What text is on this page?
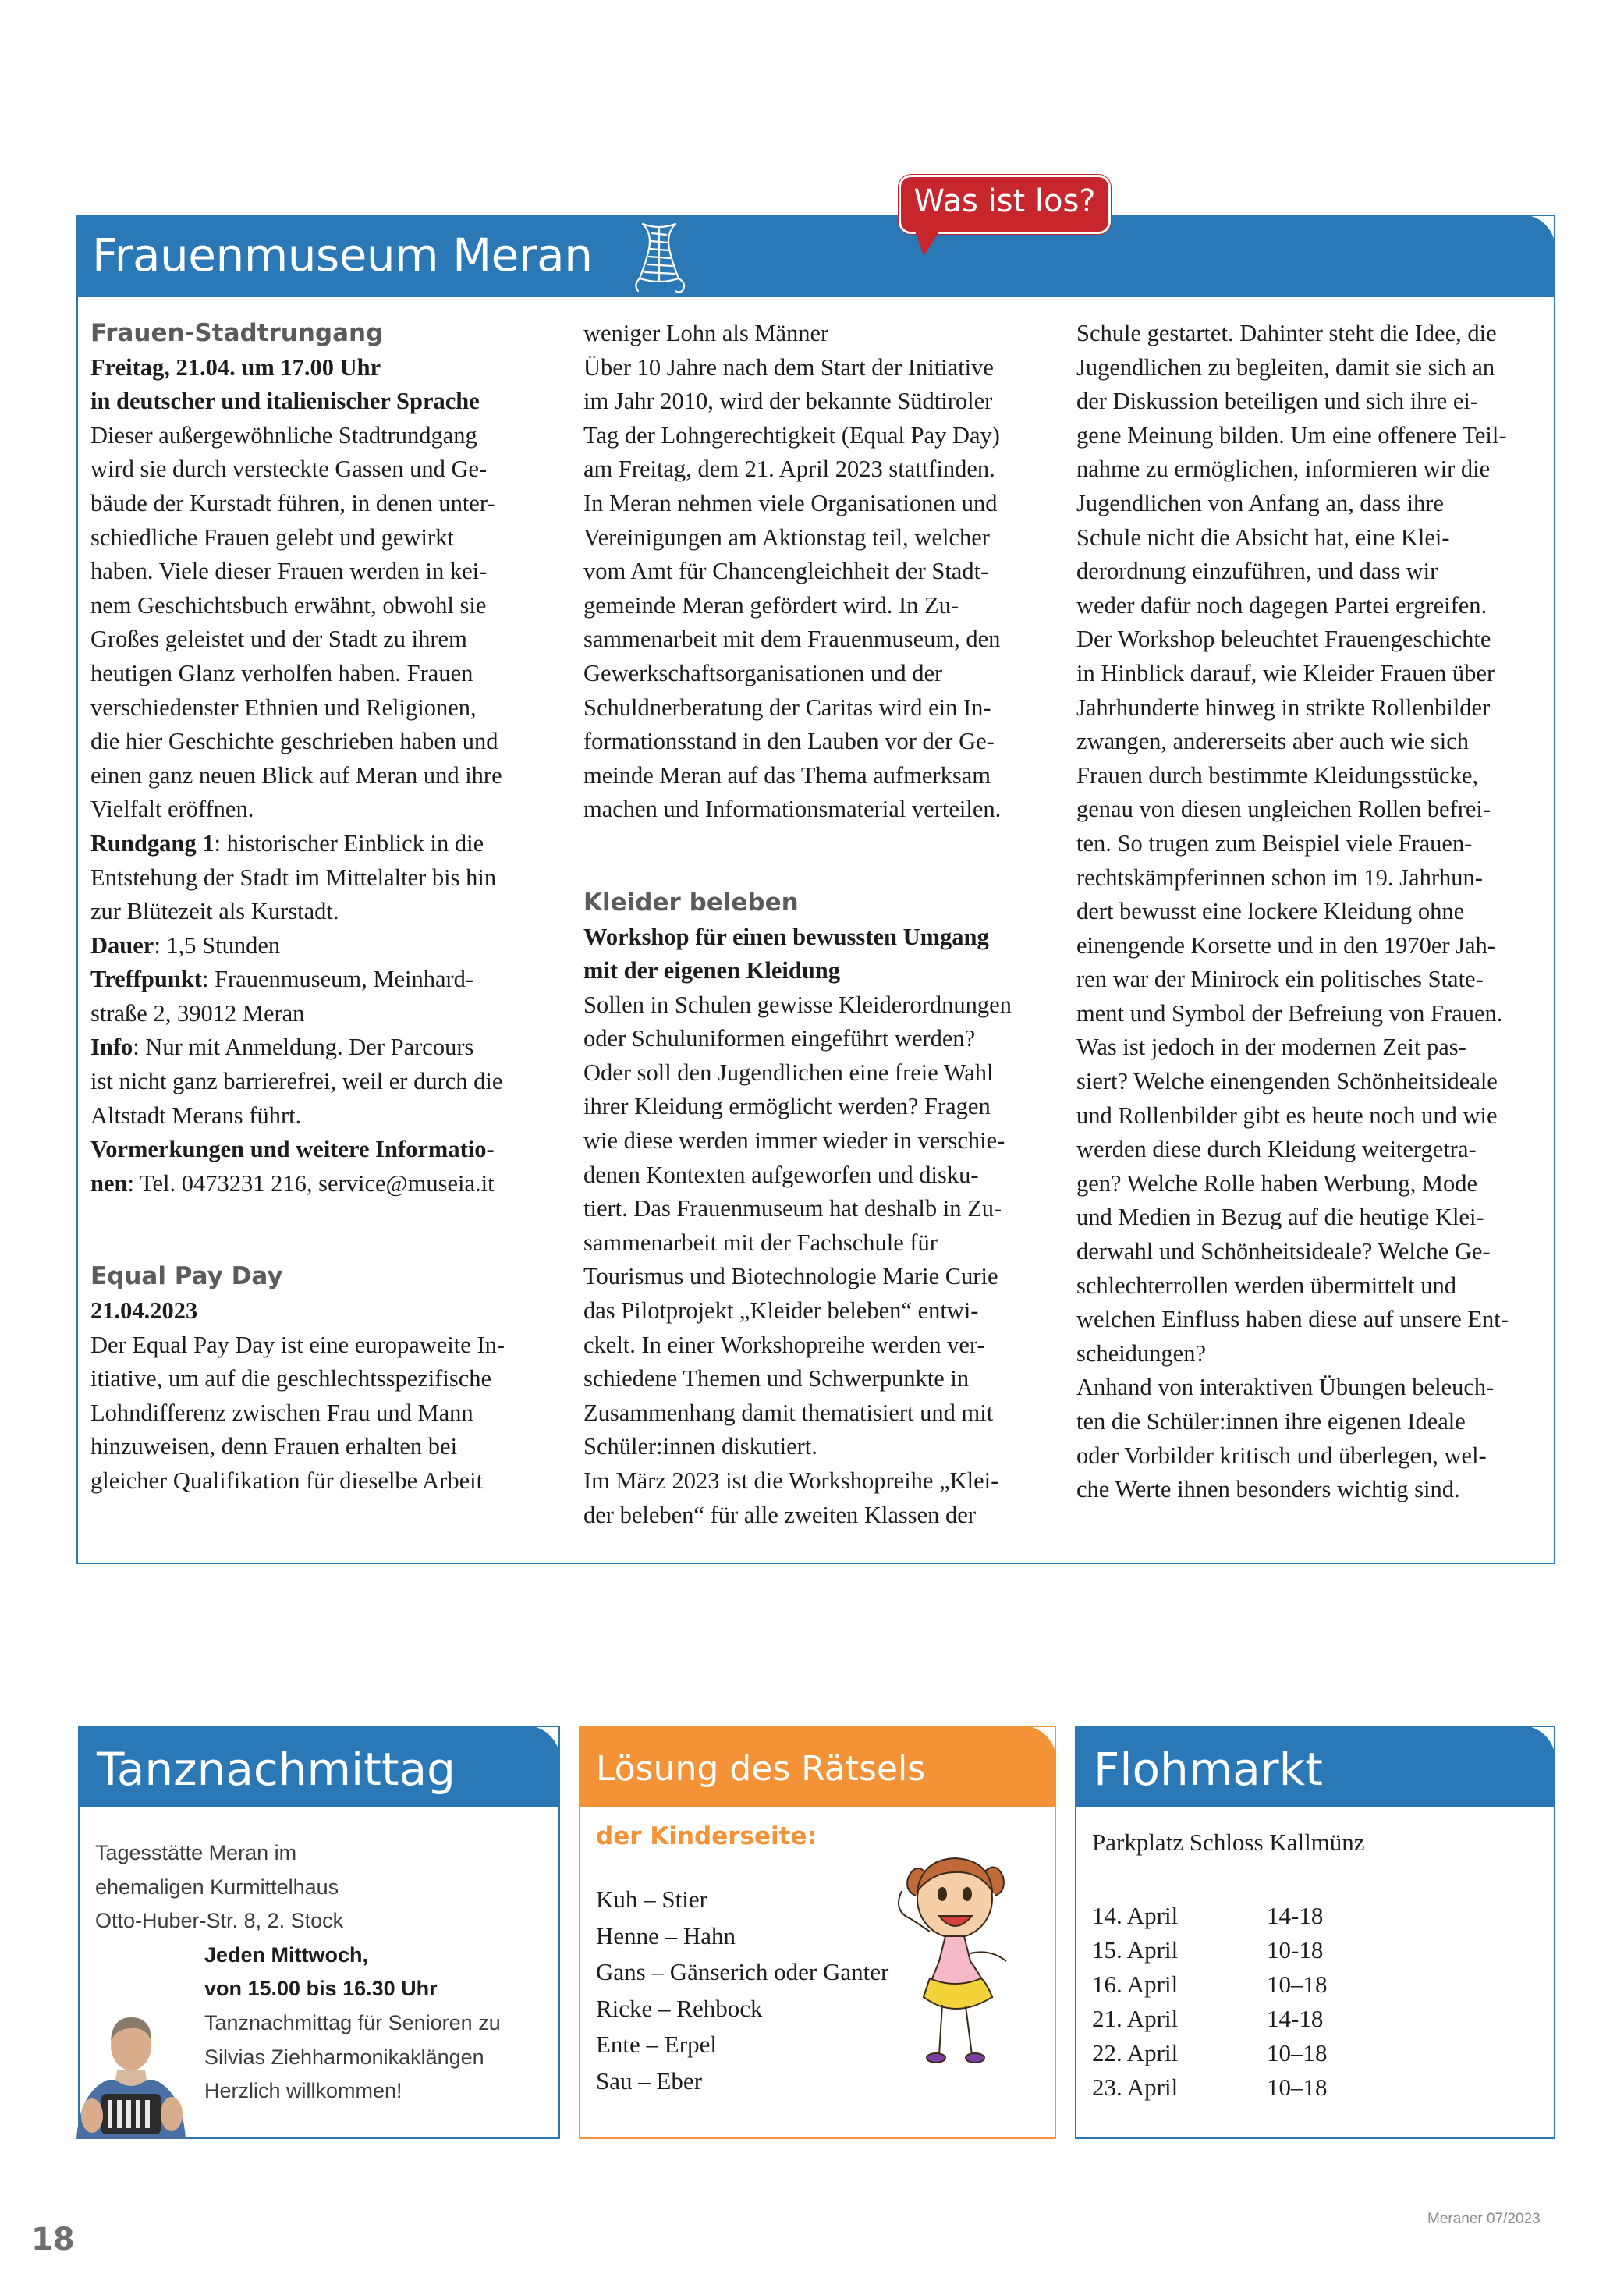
Frauenmuseum Meran
Was ist los?

Frauen-Stadtrungang

Freitag, 21.04. um 17.00 Uhr

in deutscher und italienischer Sprache

Dieser außergewöhnliche Stadtrundgang

wird sie durch versteckte Gassen und Ge-

bäude der Kurstadt führen, in denen unter-

schiedliche Frauen gelebt und gewirkt

haben. Viele dieser Frauen werden in kei-

nem Geschichtsbuch erwähnt, obwohl sie

Großes geleistet und der Stadt zu ihrem

heutigen Glanz verholfen haben. Frauen

verschiedenster Ethnien und Religionen,

die hier Geschichte geschrieben haben und

einen ganz neuen Blick auf Meran und ihre

Vielfalt eröffnen.

Rundgang 1: historischer Einblick in die

Entstehung der Stadt im Mittelalter bis hin

zur Blütezeit als Kurstadt.

Dauer: 1,5 Stunden

Treffpunkt: Frauenmuseum, Meinhard-

straße 2, 39012 Meran

Info: Nur mit Anmeldung. Der Parcours

ist nicht ganz barrierefrei, weil er durch die

Altstadt Merans führt.

Vormerkungen und weitere Informatio-

nen: Tel. 0473231 216, service@museia.it

Equal Pay Day

21.04.2023

Der Equal Pay Day ist eine europaweite In-

itiative, um auf die geschlechtsspezifische

Lohndifferenz zwischen Frau und Mann

hinzuweisen, denn Frauen erhalten bei

gleicher Qualifikation für dieselbe Arbeit

weniger Lohn als Männer

Über 10 Jahre nach dem Start der Initiative

im Jahr 2010, wird der bekannte Südtiroler

Tag der Lohngerechtigkeit (Equal Pay Day)

am Freitag, dem 21. April 2023 stattfinden.

In Meran nehmen viele Organisationen und

Vereinigungen am Aktionstag teil, welcher

vom Amt für Chancengleichheit der Stadt-

gemeinde Meran gefördert wird. In Zu-

sammenarbeit mit dem Frauenmuseum, den

Gewerkschaftsorganisationen und der

Schuldnerberatung der Caritas wird ein In-

formationsstand in den Lauben vor der Ge-

meinde Meran auf das Thema aufmerksam

machen und Informationsmaterial verteilen.

Kleider beleben

Workshop für einen bewussten Umgang

mit der eigenen Kleidung

Sollen in Schulen gewisse Kleiderordnungen

oder Schuluniformen eingeführt werden?

Oder soll den Jugendlichen eine freie Wahl

ihrer Kleidung ermöglicht werden? Fragen

wie diese werden immer wieder in verschie-

denen Kontexten aufgeworfen und disku-

tiert. Das Frauenmuseum hat deshalb in Zu-

sammenarbeit mit der Fachschule für

Tourismus und Biotechnologie Marie Curie

das Pilotprojekt „Kleider beleben“ entwi-

ckelt. In einer Workshopreihe werden ver-

schiedene Themen und Schwerpunkte in

Zusammenhang damit thematisiert und mit

Schüler:innen diskutiert.

Im März 2023 ist die Workshopreihe „Klei-

der beleben“ für alle zweiten Klassen der

Schule gestartet. Dahinter steht die Idee, die

Jugendlichen zu begleiten, damit sie sich an

der Diskussion beteiligen und sich ihre ei-

gene Meinung bilden. Um eine offenere Teil-

nahme zu ermöglichen, informieren wir die

Jugendlichen von Anfang an, dass ihre

Schule nicht die Absicht hat, eine Klei-

derordnung einzuführen, und dass wir

weder dafür noch dagegen Partei ergreifen.

Der Workshop beleuchtet Frauengeschichte

in Hinblick darauf, wie Kleider Frauen über

Jahrhunderte hinweg in strikte Rollenbilder

zwangen, andererseits aber auch wie sich

Frauen durch bestimmte Kleidungsstücke,

genau von diesen ungleichen Rollen befrei-

ten. So trugen zum Beispiel viele Frauen-

rechtskämpferinnen schon im 19. Jahrhun-

dert bewusst eine lockere Kleidung ohne

einengende Korsette und in den 1970er Jah-

ren war der Minirock ein politisches State-

ment und Symbol der Befreiung von Frauen.

Was ist jedoch in der modernen Zeit pas-

siert? Welche einengenden Schönheitsideale

und Rollenbilder gibt es heute noch und wie

werden diese durch Kleidung weitergetra-

gen? Welche Rolle haben Werbung, Mode

und Medien in Bezug auf die heutige Klei-

derwahl und Schönheitsideale? Welche Ge-

schlechterrollen werden übermittelt und

welchen Einfluss haben diese auf unsere Ent-

scheidungen?

Anhand von interaktiven Übungen beleuch-

ten die Schüler:innen ihre eigenen Ideale

oder Vorbilder kritisch und überlegen, wel-

che Werte ihnen besonders wichtig sind.

Tanznachmittag
Tagesstätte Meran im
ehemaligen Kurmittelhaus
Otto-Huber-Str. 8, 2. Stock
Jeden Mittwoch,
von 15.00 bis 16.30 Uhr
Tanznachmittag für Senioren zu
Silvias Ziehharmonikaklängen
Herzlich willkommen!
Lösung des Rätsels
der Kinderseite:

Kuh – Stier

Henne – Hahn

Gans – Gänserich oder Ganter

Ricke – Rehbock

Ente – Erpel

Sau – Eber

Flohmarkt
Parkplatz Schloss Kallmünz
14. April	14-18
15. April	10-18
16. April	10–18
21. April	14-18
22. April	10–18
23. April	10–18
18
Meraner 07/2023
